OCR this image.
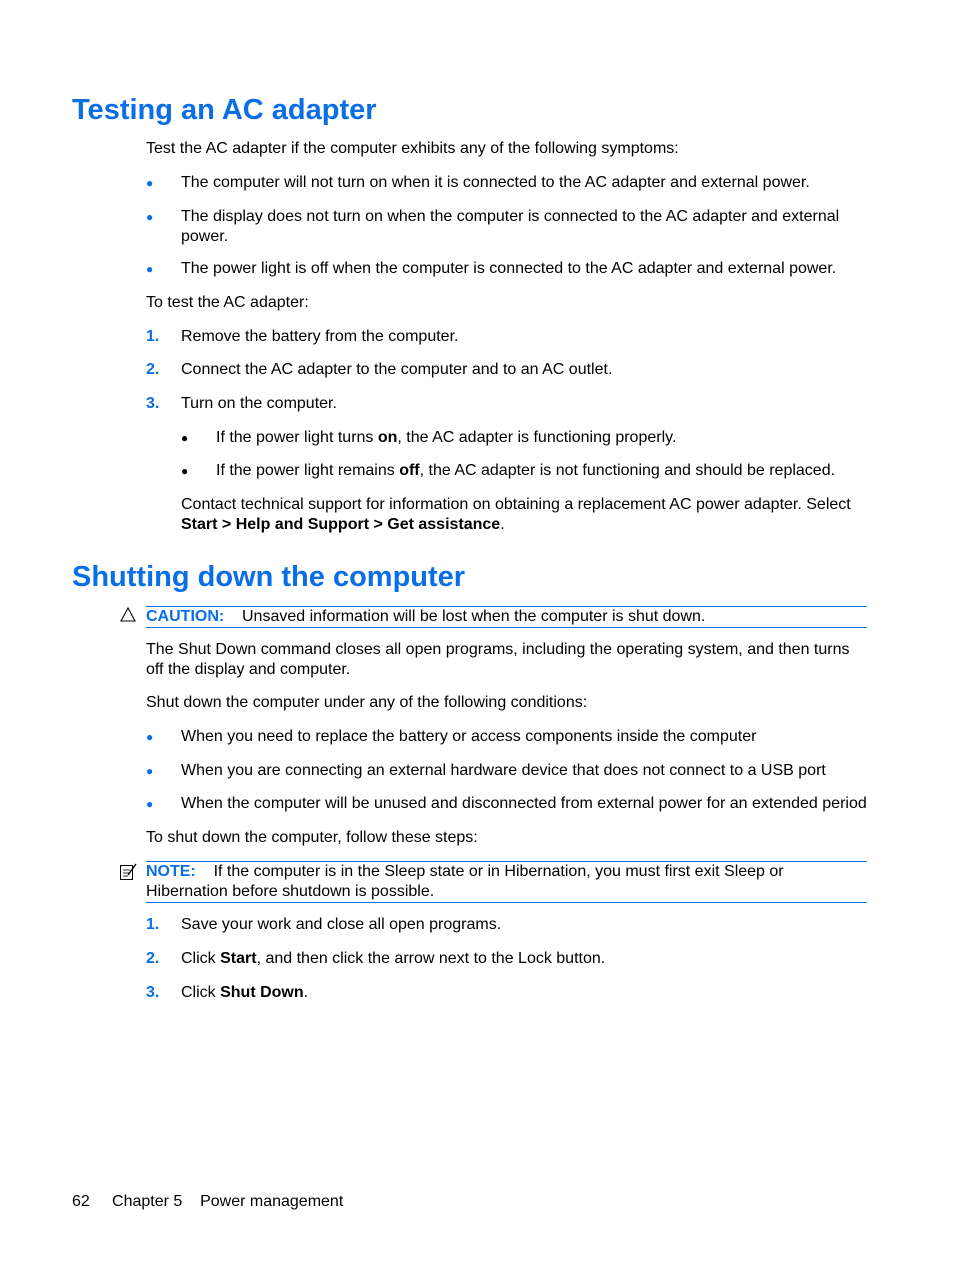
Testing an AC adapter
Test the AC adapter if the computer exhibits any of the following symptoms:
● The computer will not turn on when it is connected to the AC adapter and external power.
● The display does not turn on when the computer is connected to the AC adapter and external power.
● The power light is off when the computer is connected to the AC adapter and external power.
To test the AC adapter:
1. Remove the battery from the computer.
2. Connect the AC adapter to the computer and to an AC outlet.
3. Turn on the computer.
● If the power light turns on, the AC adapter is functioning properly.
● If the power light remains off, the AC adapter is not functioning and should be replaced.
Contact technical support for information on obtaining a replacement AC power adapter. Select
Start > Help and Support > Get assistance.
Shutting down the computer
CAUTION: Unsaved information will be lost when the computer is shut down.
The Shut Down command closes all open programs, including the operating system, and then turns off the display and computer.
Shut down the computer under any of the following conditions:
● When you need to replace the battery or access components inside the computer
● When you are connecting an external hardware device that does not connect to a USB port
● When the computer will be unused and disconnected from external power for an extended period
To shut down the computer, follow these steps:
NOTE: If the computer is in the Sleep state or in Hibernation, you must first exit Sleep or Hibernation before shutdown is possible.
1. Save your work and close all open programs.
2. Click Start, and then click the arrow next to the Lock button.
3. Click Shut Down.
62 Chapter 5 Power management
